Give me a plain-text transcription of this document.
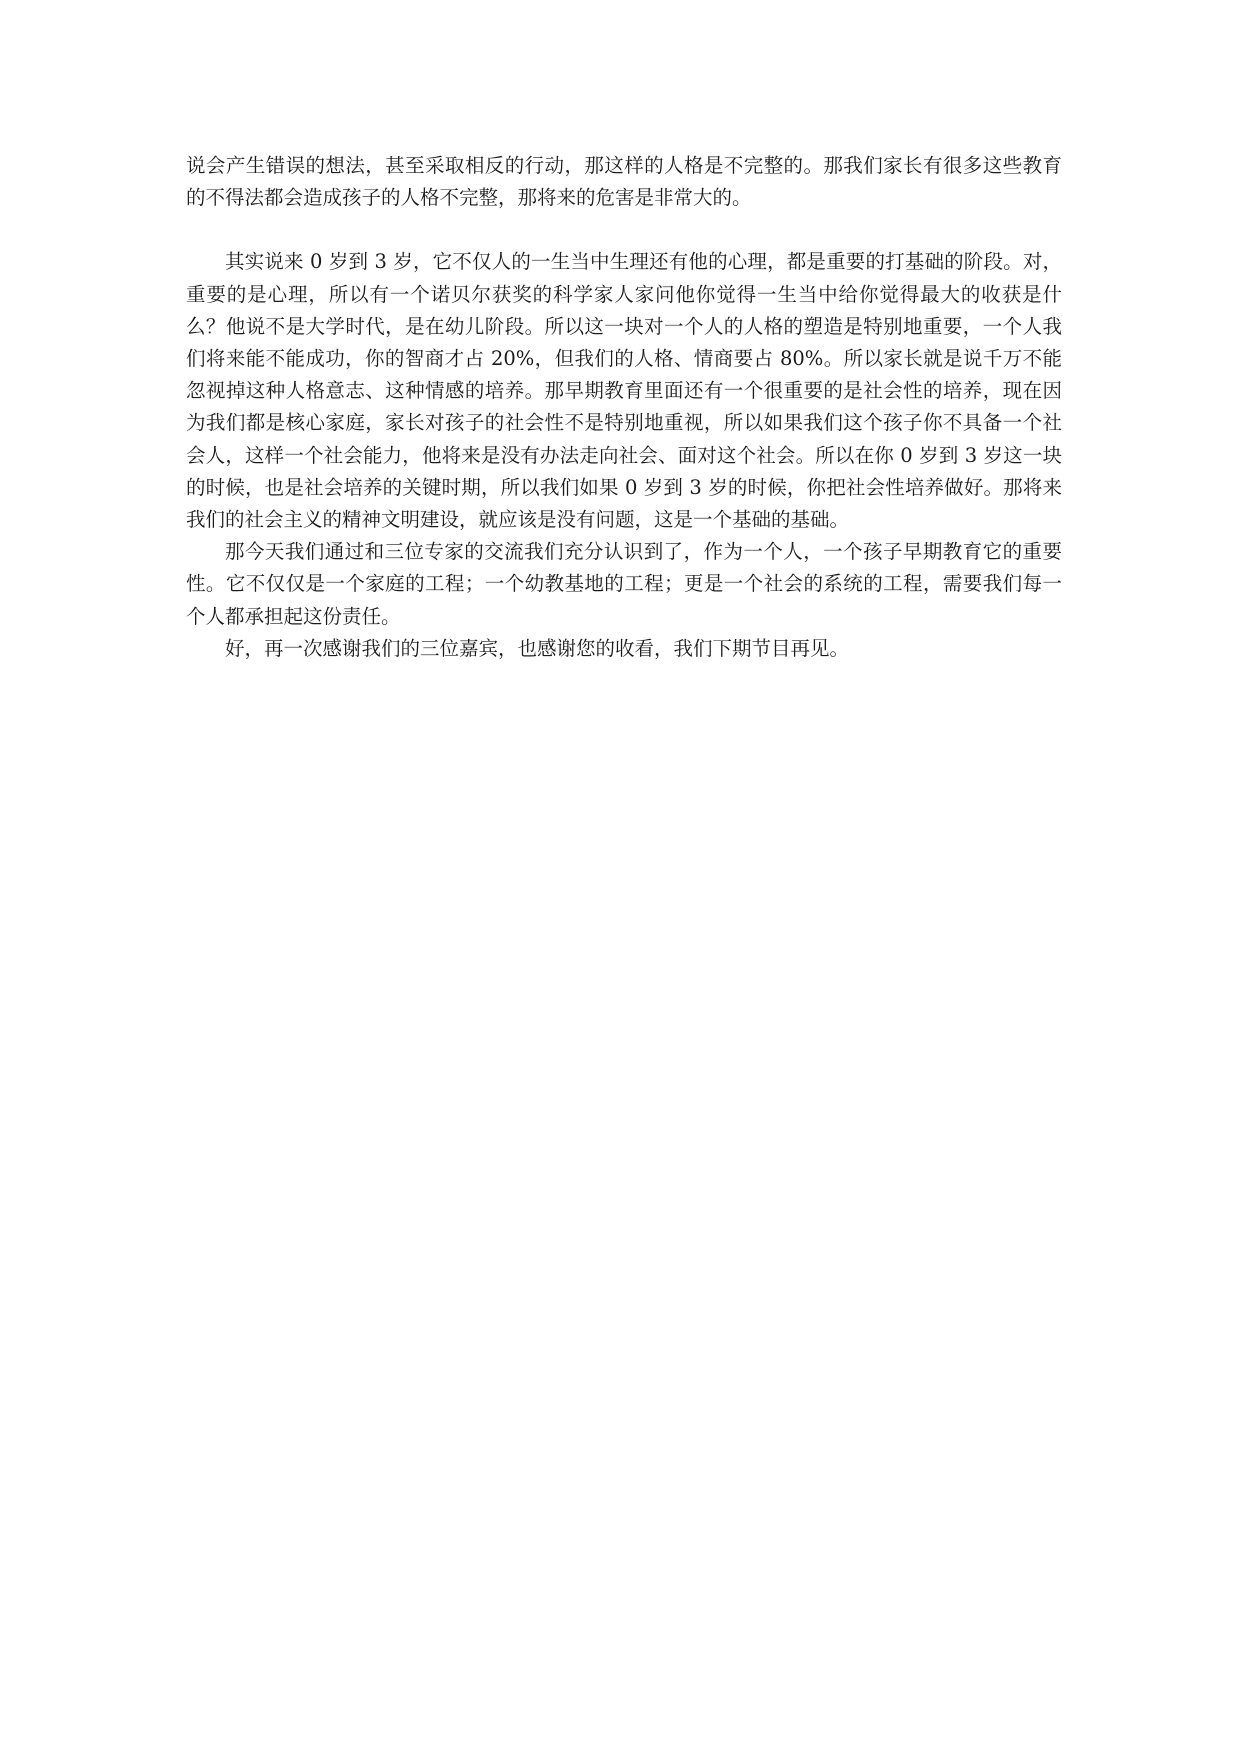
说会产生错误的想法，甚至采取相反的行动，那这样的人格是不完整的。那我们家长有很多这些教育的不得法都会造成孩子的人格不完整，那将来的危害是非常大的。

其实说来 0 岁到 3 岁，它不仅人的一生当中生理还有他的心理，都是重要的打基础的阶段。对，重要的是心理，所以有一个诺贝尔获奖的科学家人家问他你觉得一生当中给你觉得最大的收获是什么？他说不是大学时代，是在幼儿阶段。所以这一块对一个人的人格的塑造是特别地重要，一个人我们将来能不能成功，你的智商才占 20%，但我们的人格、情商要占 80%。所以家长就是说千万不能忽视掉这种人格意志、这种情感的培养。那早期教育里面还有一个很重要的是社会性的培养，现在因为我们都是核心家庭，家长对孩子的社会性不是特别地重视，所以如果我们这个孩子你不具备一个社会人，这样一个社会能力，他将来是没有办法走向社会、面对这个社会。所以在你 0 岁到 3 岁这一块的时候，也是社会培养的关键时期，所以我们如果 0 岁到 3 岁的时候，你把社会性培养做好。那将来我们的社会主义的精神文明建设，就应该是没有问题，这是一个基础的基础。

那今天我们通过和三位专家的交流我们充分认识到了，作为一个人，一个孩子早期教育它的重要性。它不仅仅是一个家庭的工程；一个幼教基地的工程；更是一个社会的系统的工程，需要我们每一个人都承担起这份责任。

好，再一次感谢我们的三位嘉宾，也感谢您的收看，我们下期节目再见。
